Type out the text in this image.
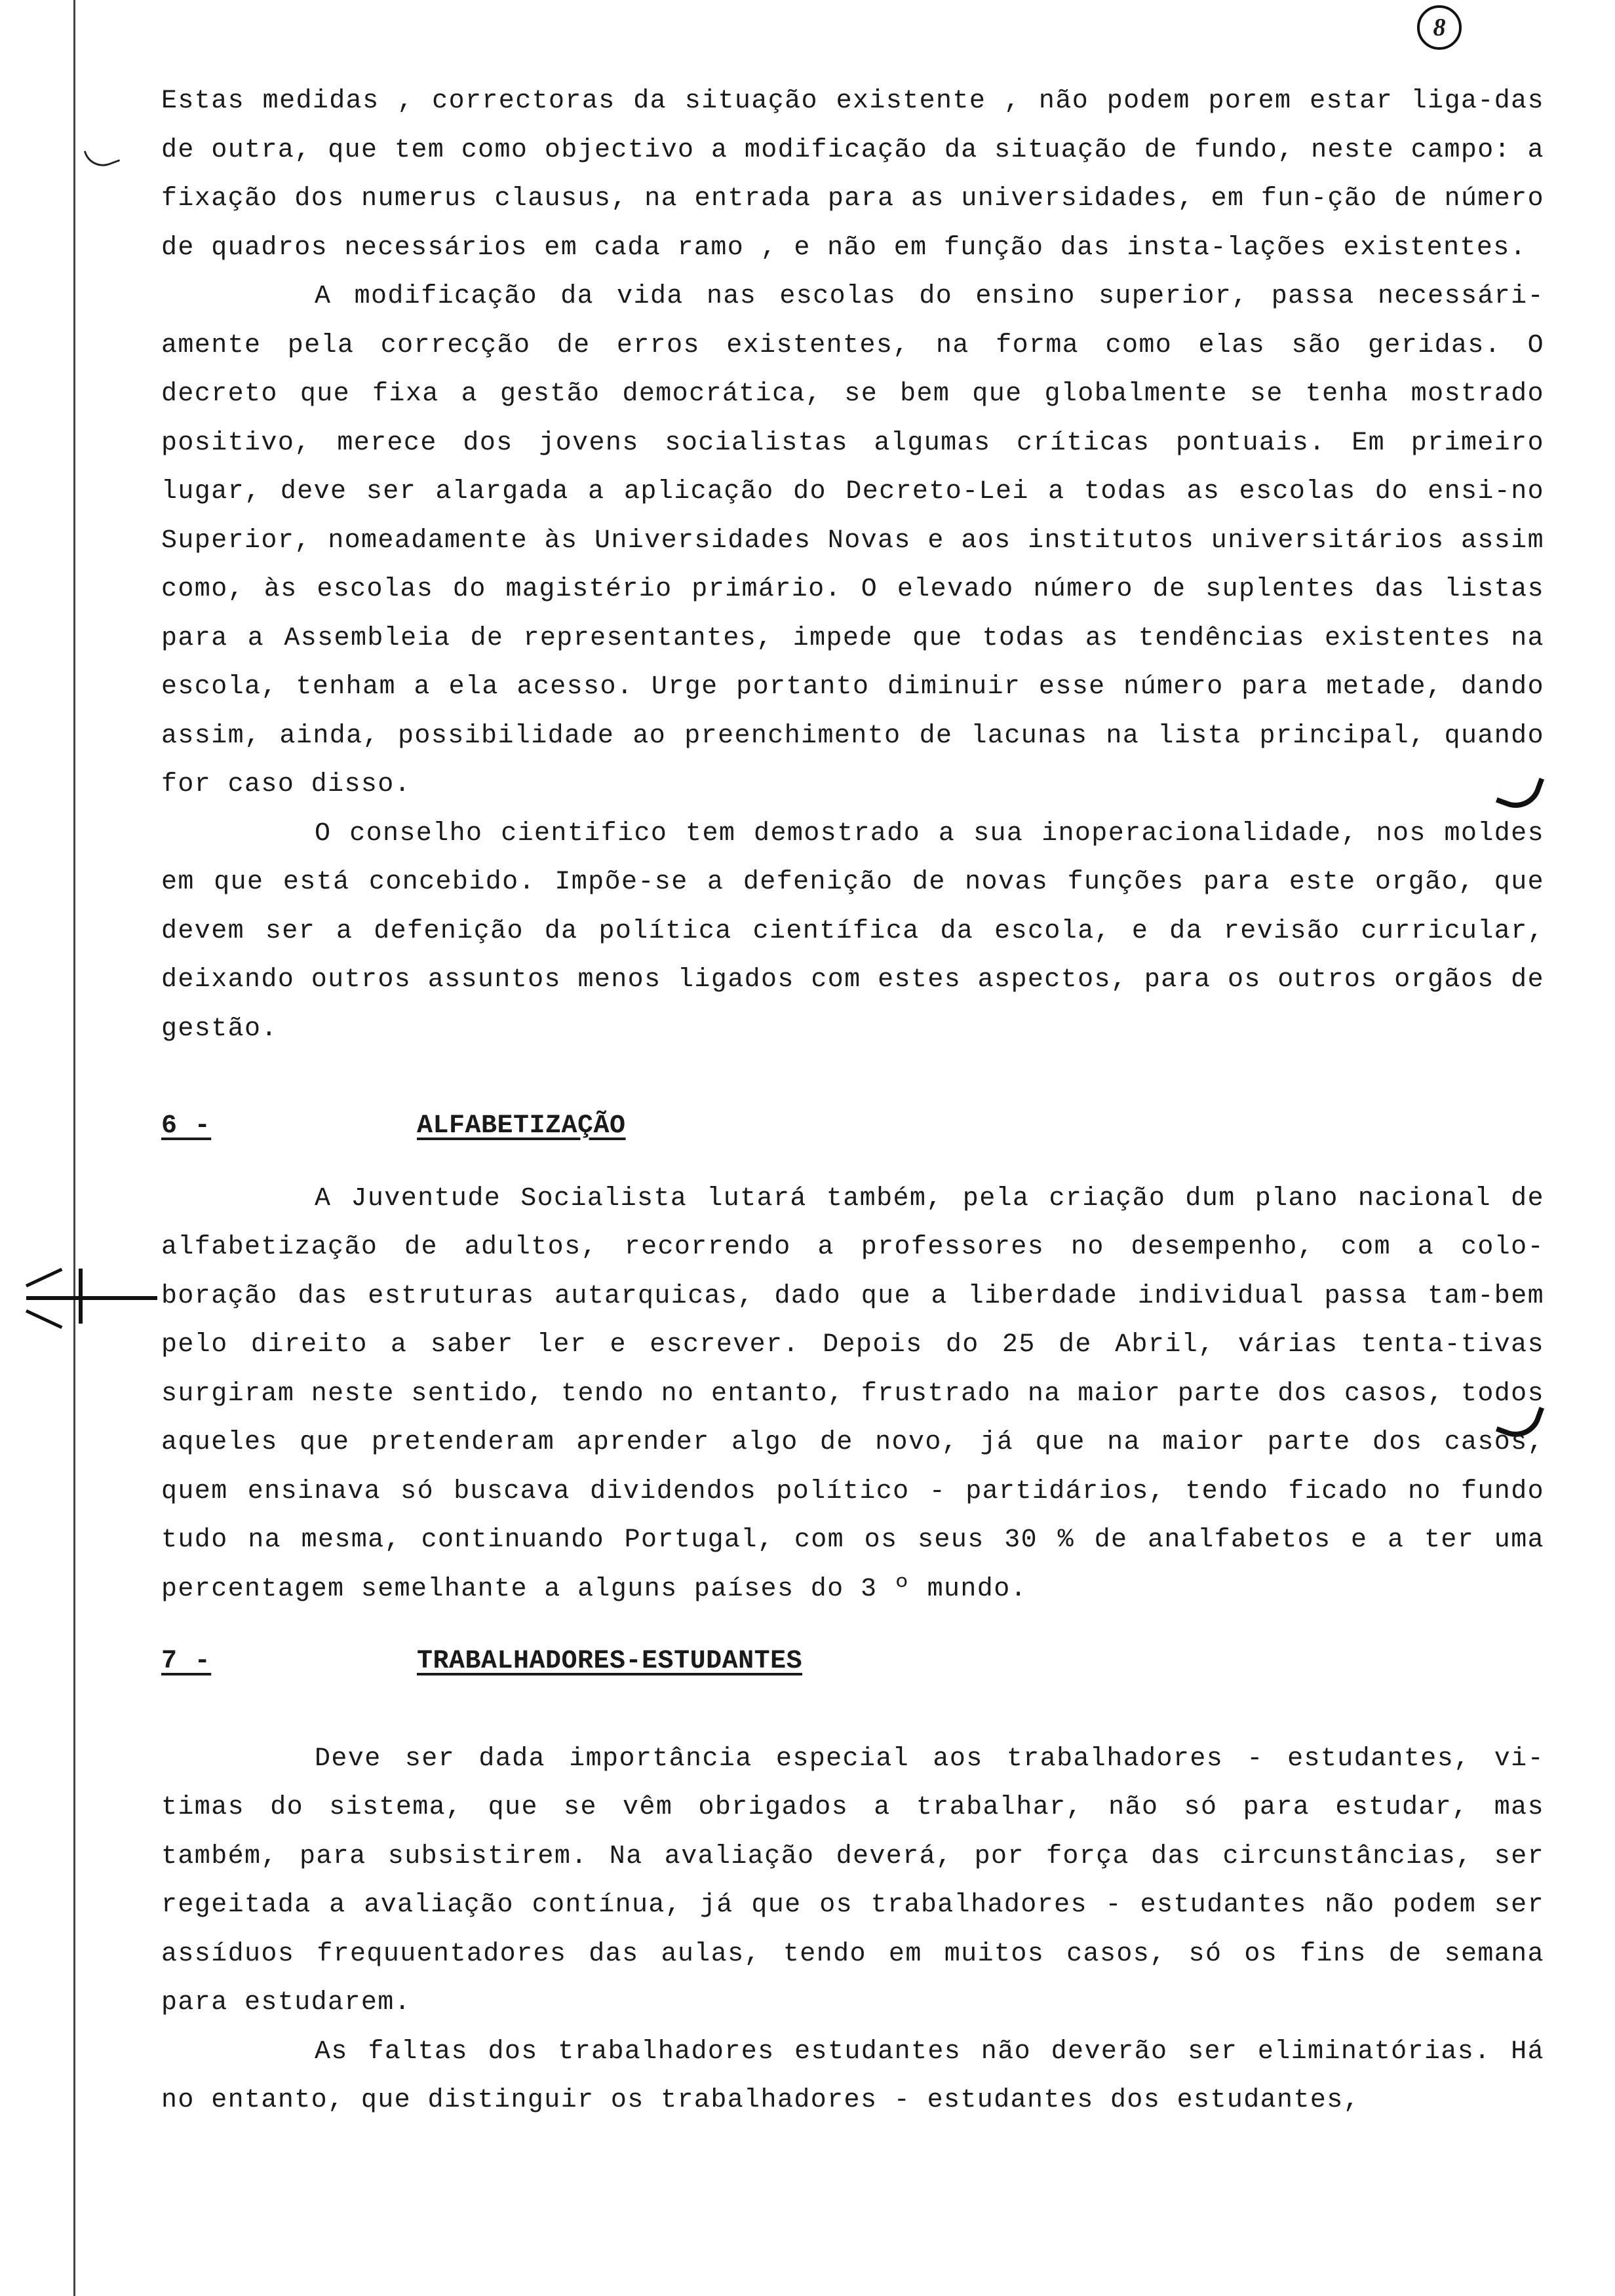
8

Estas medidas , correctoras da situação existente , não podem porem estar liga-das de outra, que tem como objectivo a modificação da situação de fundo, neste campo: a fixação dos numerus clausus, na entrada para as universidades, em fun-ção de número de quadros necessários em cada ramo , e não em função das insta-lações existentes.

A modificação da vida nas escolas do ensino superior, passa necessári-amente pela correcção de erros existentes, na forma como elas são geridas. O decreto que fixa a gestão democrática, se bem que globalmente se tenha mostrado positivo, merece dos jovens socialistas algumas críticas pontuais. Em primeiro lugar, deve ser alargada a aplicação do Decreto-Lei a todas as escolas do ensi-no Superior, nomeadamente às Universidades Novas e aos institutos universitários assim como, às escolas do magistério primário. O elevado número de suplentes das listas para a Assembleia de representantes, impede que todas as tendências existentes na escola, tenham a ela acesso. Urge portanto diminuir esse número para metade, dando assim, ainda, possibilidade ao preenchimento de lacunas na lista principal, quando for caso disso.

O conselho cientifico tem demostrado a sua inoperacionalidade, nos moldes em que está concebido. Impõe-se a defenição de novas funções para este orgão, que devem ser a defenição da política científica da escola, e da revisão curricular, deixando outros assuntos menos ligados com estes aspectos, para os outros orgãos de gestão.

6 -	ALFABETIZAÇÃO

A Juventude Socialista lutará também, pela criação dum plano nacional de alfabetização de adultos, recorrendo a professores no desempenho, com a colo-boração das estruturas autarquicas, dado que a liberdade individual passa tam-bem pelo direito a saber ler e escrever. Depois do 25 de Abril, várias tenta-tivas surgiram neste sentido, tendo no entanto, frustrado na maior parte dos casos, todos aqueles que pretenderam aprender algo de novo, já que na maior parte dos casos, quem ensinava só buscava dividendos político - partidários, tendo ficado no fundo tudo na mesma, continuando Portugal, com os seus 30 % de analfabetos e a ter uma percentagem semelhante a alguns países do 3 º mundo.

7 -	TRABALHADORES-ESTUDANTES

Deve ser dada importância especial aos trabalhadores - estudantes, vi-timas do sistema, que se vêm obrigados a trabalhar, não só para estudar, mas também, para subsistirem. Na avaliação deverá, por força das circunstâncias, ser regeitada a avaliação contínua, já que os trabalhadores - estudantes não podem ser assíduos frequuentadores das aulas, tendo em muitos casos, só os fins de semana para estudarem.

As faltas dos trabalhadores estudantes não deverão ser eliminatórias. Há no entanto, que distinguir os trabalhadores - estudantes dos estudantes,
